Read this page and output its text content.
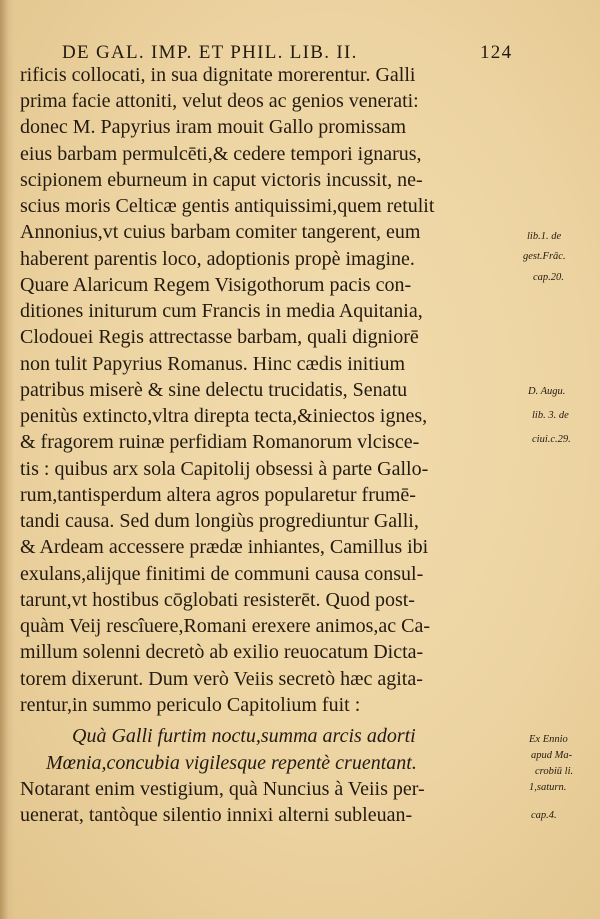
DE GAL. IMP. ET PHIL. LIB. II.	124
rificis collocati, in sua dignitate morerentur. Galli
prima facie attoniti, velut deos ac genios venerati:
donec M. Papyrius iram mouit Gallo promissam
eius barbam permulcēti,& cedere tempori ignarus,
scipionem eburneum in caput victoris incussit, ne-
scius moris Celticæ gentis antiquissimi,quem retulit
Annonius,vt cuius barbam comiter tangerent, eum
haberent parentis loco, adoptionis propè imagine.
Quare Alaricum Regem Visigothorum pacis con-
ditiones initurum cum Francis in media Aquitania,
Clodouei Regis attrectasse barbam, quali digniorē
non tulit Papyrius Romanus. Hinc cædis initium
patribus miserè & sine delectu trucidatis, Senatu
penitùs extincto,vltra direpta tecta,&iniectos ignes,
& fragorem ruinæ perfidiam Romanorum vlcisce-
tis : quibus arx sola Capitolij obsessi à parte Gallo-
rum,tantisperdum altera agros popularetur frumē-
tandi causa. Sed dum longiùs progrediuntur Galli,
& Ardeam accessere prædæ inhiantes, Camillus ibi
exulans,alijque finitimi de communi causa consul-
tarunt,vt hostibus cōglobati resisterēt. Quod post-
quàm Veij rescîuere,Romani erexere animos,ac Ca-
millum solenni decretò ab exilio reuocatum Dicta-
torem dixerunt. Dum verò Veiis secretò hæc agita-
rentur,in summo periculo Capitolium fuit :
Quà Galli furtim noctu,summa arcis adorti
Mœnia,concubia vigilesque repentè cruentant.
Notarant enim vestigium, quà Nuncius à Veiis per-
uenerat, tantòque silentio innixi alterni subleuan-
lib.1. de
gest.Frāc.
cap.20.
D. Augu.
lib. 3. de
ciui.c.29.
Ex Ennio
apud Ma-
crobiū li.
1,saturn.
cap.4.
